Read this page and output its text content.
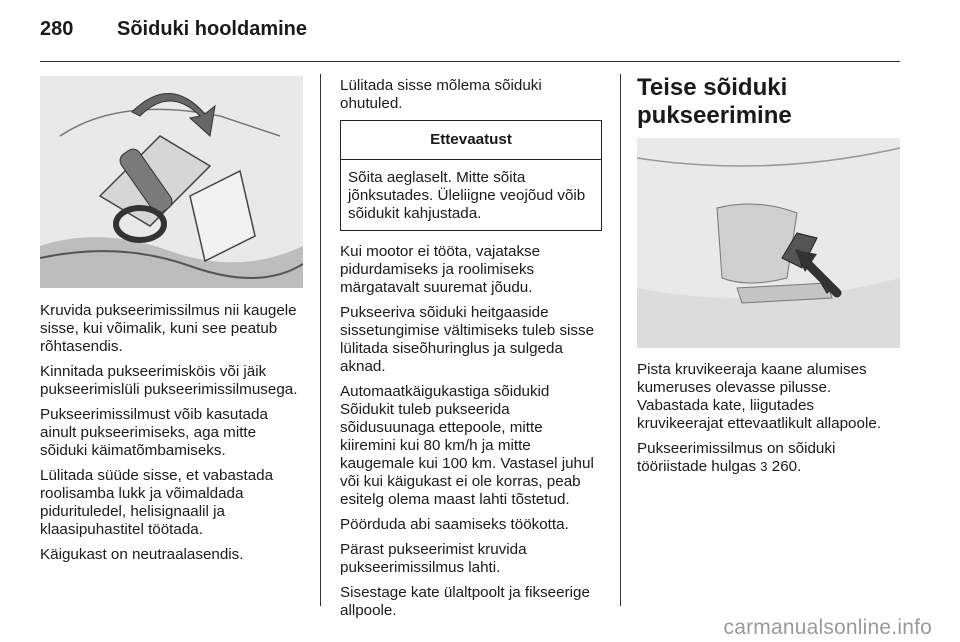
280 Sõiduki hooldamine

Kruvida pukseerimissilmus nii kaugele sisse, kui võimalik, kuni see peatub rõhtasendis.

Kinnitada pukseerimisköis või jäik pukseerimislüli pukseerimissilmusega.

Pukseerimissilmust võib kasutada ainult pukseerimiseks, aga mitte sõiduki käimatõmbamiseks.

Lülitada süüde sisse, et vabastada roolisamba lukk ja võimaldada pidurituledel, helisignaalil ja klaasipuhastitel töötada.

Käigukast on neutraalasendis.

Lülitada sisse mõlema sõiduki ohutuled.

Ettevaatust
Sõita aeglaselt. Mitte sõita jõnksutades. Üleliigne veojõud võib sõidukit kahjustada.

Kui mootor ei tööta, vajatakse pidurdamiseks ja roolimiseks märgatavalt suuremat jõudu.

Pukseeriva sõiduki heitgaaside sissetungimise vältimiseks tuleb sisse lülitada siseõhuringlus ja sulgeda aknad.

Automaatkäigukastiga sõidukid Sõidukit tuleb pukseerida sõidusuunaga ettepoole, mitte kiiremini kui 80 km/h ja mitte kaugemale kui 100 km. Vastasel juhul või kui käigukast ei ole korras, peab esitelg olema maast lahti tõstetud.

Pöörduda abi saamiseks töökotta.

Pärast pukseerimist kruvida pukseerimissilmus lahti.

Sisestage kate ülaltpoolt ja fikseerige allpoole.

Teise sõiduki pukseerimine

Pista kruvikeeraja kaane alumises kumeruses olevasse pilusse. Vabastada kate, liigutades kruvikeerajat ettevaatlikult allapoole.

Pukseerimissilmus on sõiduki tööriistade hulgas 3 260.

carmanualsonline.info
